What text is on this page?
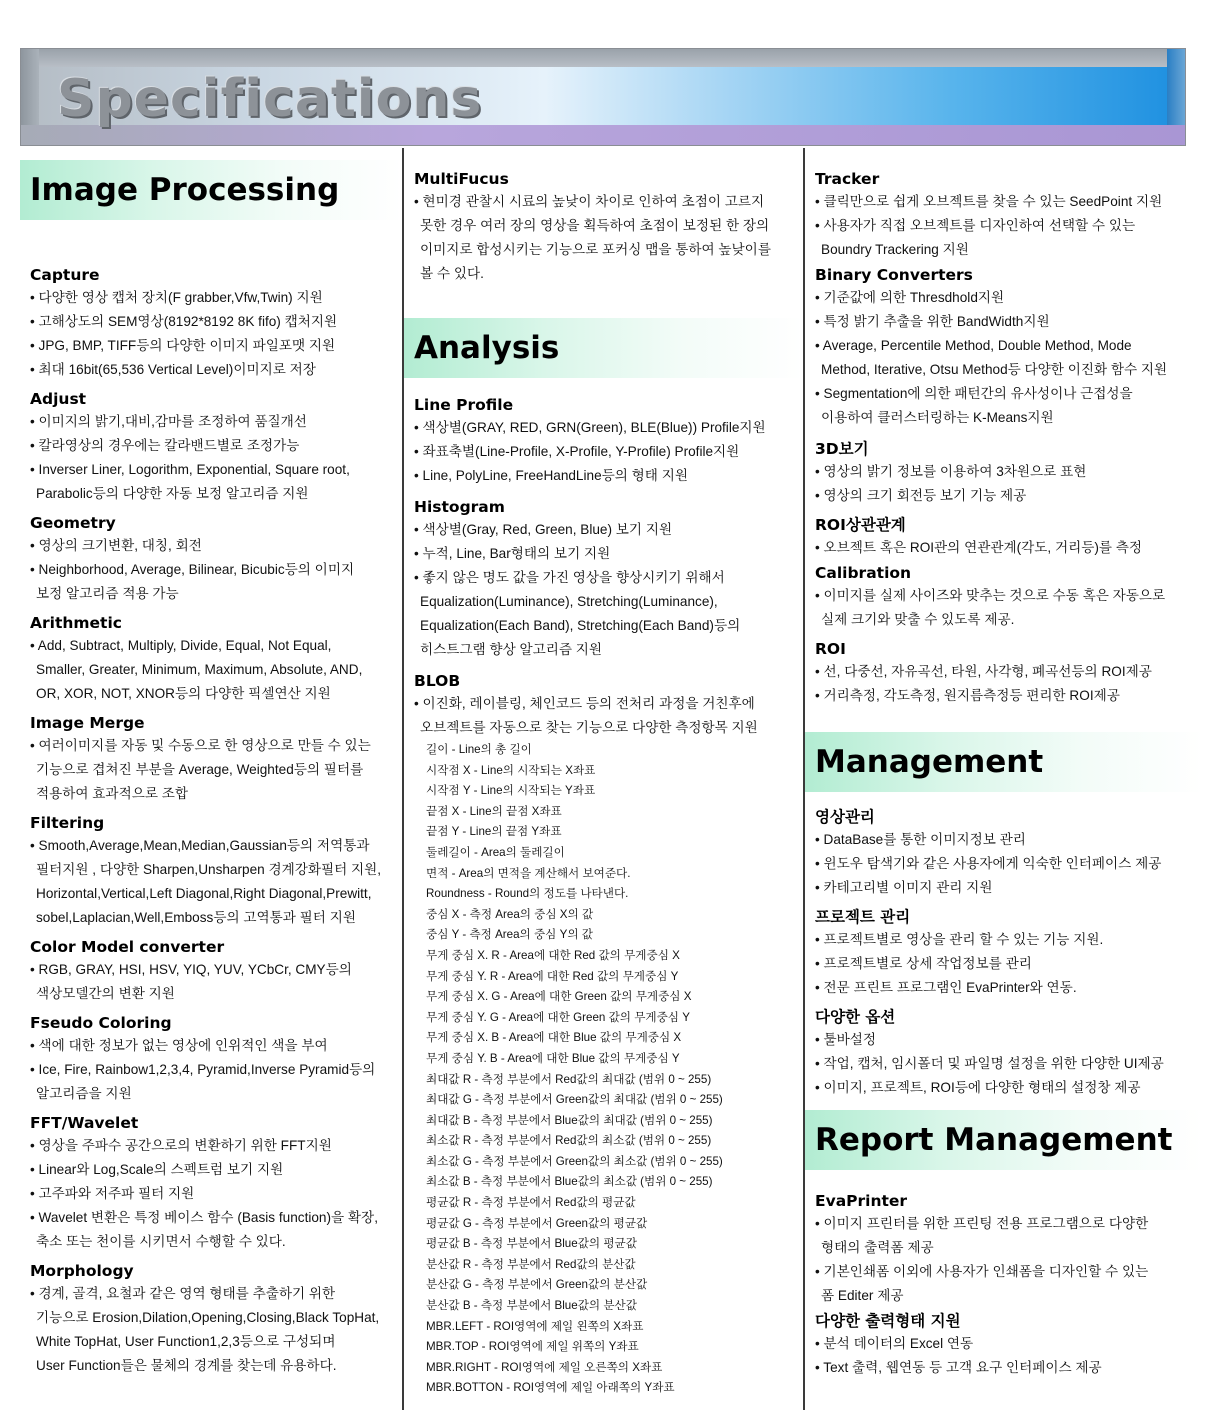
Specifications
Image Processing
Capture
• 다양한 영상 캡처 장치(F grabber,Vfw,Twin) 지원
• 고해상도의 SEM영상(8192*8192 8K fifo) 캡처지원
• JPG, BMP, TIFF등의 다양한 이미지 파일포맷 지원
• 최대 16bit(65,536 Vertical Level)이미지로 저장
Adjust
• 이미지의 밝기,대비,감마를 조정하여 품질개선
• 칼라영상의 경우에는 칼라밴드별로 조정가능
• Inverser Liner, Logorithm, Exponential, Square root,
Parabolic등의 다양한 자동 보정 알고리즘 지원
Geometry
• 영상의 크기변환, 대칭, 회전
• Neighborhood, Average, Bilinear, Bicubic등의 이미지
보정 알고리즘 적용 가능
Arithmetic
• Add, Subtract, Multiply, Divide, Equal, Not Equal,
Smaller, Greater, Minimum, Maximum, Absolute, AND,
OR, XOR, NOT, XNOR등의 다양한 픽셀연산 지원
Image Merge
• 여러이미지를 자동 및 수동으로 한 영상으로 만들 수 있는
기능으로 겹쳐진 부분을 Average, Weighted등의 필터를
적용하여 효과적으로 조합
Filtering
• Smooth,Average,Mean,Median,Gaussian등의 저역통과
필터지원 , 다양한 Sharpen,Unsharpen 경계강화필터 지원,
Horizontal,Vertical,Left Diagonal,Right Diagonal,Prewitt,
sobel,Laplacian,Well,Emboss등의 고역통과 필터 지원
Color Model converter
• RGB, GRAY, HSI, HSV, YIQ, YUV, YCbCr, CMY등의
색상모델간의 변환 지원
Fseudo Coloring
• 색에 대한 정보가 없는 영상에 인위적인 색을 부여
• Ice, Fire, Rainbow1,2,3,4, Pyramid,Inverse Pyramid등의
알고리즘을 지원
FFT/Wavelet
• 영상을 주파수 공간으로의 변환하기 위한 FFT지원
• Linear와 Log,Scale의 스펙트럼 보기 지원
• 고주파와 저주파 필터 지원
• Wavelet 변환은 특정 베이스 함수 (Basis function)을 확장,
축소 또는 천이를 시키면서 수행할 수 있다.
Morphology
• 경계, 골격, 요철과 같은 영역 형태를 추출하기 위한
기능으로 Erosion,Dilation,Opening,Closing,Black TopHat,
White TopHat, User Function1,2,3등으로 구성되며
User Function들은 물체의 경계를 찾는데 유용하다.
MultiFucus
• 현미경 관찰시 시료의 높낮이 차이로 인하여 초점이 고르지
못한 경우 여러 장의 영상을 획득하여 초점이 보정된 한 장의
이미지로 합성시키는 기능으로 포커싱 맵을 통하여 높낮이를
볼 수 있다.
Analysis
Line Profile
• 색상별(GRAY, RED, GRN(Green), BLE(Blue)) Profile지원
• 좌표축별(Line-Profile, X-Profile, Y-Profile) Profile지원
• Line, PolyLine, FreeHandLine등의 형태 지원
Histogram
• 색상별(Gray, Red, Green, Blue) 보기 지원
• 누적, Line, Bar형태의 보기 지원
• 좋지 않은 명도 값을 가진 영상을 향상시키기 위해서
Equalization(Luminance), Stretching(Luminance),
Equalization(Each Band), Stretching(Each Band)등의
히스트그램 향상 알고리즘 지원
BLOB
• 이진화, 레이블링, 체인코드 등의 전처리 과정을 거친후에
오브젝트를 자동으로 찾는 기능으로 다양한 측정항목 지원
길이 - Line의 총 길이
시작점 X - Line의 시작되는 X좌표
시작점 Y - Line의 시작되는 Y좌표
끝점 X - Line의 끝점 X좌표
끝점 Y - Line의 끝점 Y좌표
둘레길이 - Area의 둘레길이
면적 - Area의 면적을 계산해서 보여준다.
Roundness - Round의 정도를 나타낸다.
중심 X - 측정 Area의 중심 X의 값
중심 Y - 측정 Area의 중심 Y의 값
무게 중심 X. R - Area에 대한 Red 값의 무게중심 X
무게 중심 Y. R - Area에 대한 Red 값의 무게중심 Y
무게 중심 X. G - Area에 대한 Green 값의 무게중심 X
무게 중심 Y. G - Area에 대한 Green 값의 무게중심 Y
무게 중심 X. B - Area에 대한 Blue 값의 무게중심 X
무게 중심 Y. B - Area에 대한 Blue 값의 무게중심 Y
최대값 R - 측정 부분에서 Red값의 최대값 (범위 0 ~ 255)
최대값 G - 측정 부분에서 Green값의 최대값 (범위 0 ~ 255)
최대값 B - 측정 부분에서 Blue값의 최대값 (범위 0 ~ 255)
최소값 R - 측정 부분에서 Red값의 최소값 (범위 0 ~ 255)
최소값 G - 측정 부분에서 Green값의 최소값 (범위 0 ~ 255)
최소값 B - 측정 부분에서 Blue값의 최소값 (범위 0 ~ 255)
평균값 R - 측정 부분에서 Red값의 평균값
평균값 G - 측정 부분에서 Green값의 평균값
평균값 B - 측정 부분에서 Blue값의 평균값
분산값 R - 측정 부분에서 Red값의 분산값
분산값 G - 측정 부분에서 Green값의 분산값
분산값 B - 측정 부분에서 Blue값의 분산값
MBR.LEFT - ROI영역에 제일 왼쪽의 X좌표
MBR.TOP - ROI영역에 제일 위쪽의 Y좌표
MBR.RIGHT - ROI영역에 제일 오른쪽의 X좌표
MBR.BOTTON - ROI영역에 제일 아래쪽의 Y좌표
Tracker
• 클릭만으로 쉽게 오브젝트를 찾을 수 있는 SeedPoint 지원
• 사용자가 직접 오브젝트를 디자인하여 선택할 수 있는
Boundry Trackering 지원
Binary Converters
• 기준값에 의한 Thresdhold지원
• 특정 밝기 추출을 위한 BandWidth지원
• Average, Percentile Method, Double Method, Mode
Method, Iterative, Otsu Method등 다양한 이진화 함수 지원
• Segmentation에 의한 패턴간의 유사성이나 근접성을
이용하여 클러스터링하는 K-Means지원
3D보기
• 영상의 밝기 정보를 이용하여 3차원으로 표현
• 영상의 크기 회전등 보기 기능 제공
ROI상관관계
• 오브젝트 혹은 ROI관의 연관관계(각도, 거리등)를 측정
Calibration
• 이미지를 실제 사이즈와 맞추는 것으로 수동 혹은 자동으로
실제 크기와 맞출 수 있도록 제공.
ROI
• 선, 다중선, 자유곡선, 타원, 사각형, 폐곡선등의 ROI제공
• 거리측정, 각도측정, 원지름측정등 편리한 ROI제공
Management
영상관리
• DataBase를 통한 이미지정보 관리
• 윈도우 탐색기와 같은 사용자에게 익숙한 인터페이스 제공
• 카테고리별 이미지 관리 지원
프로젝트 관리
• 프로젝트별로 영상을 관리 할 수 있는 기능 지원.
• 프로젝트별로 상세 작업정보를 관리
• 전문 프린트 프로그램인 EvaPrinter와 연동.
다양한 옵션
• 툴바설정
• 작업, 캡처, 임시폴더 및 파일명 설정을 위한 다양한 UI제공
• 이미지, 프로젝트, ROI등에 다양한 형태의 설정창 제공
Report Management
EvaPrinter
• 이미지 프린터를 위한 프린팅 전용 프로그램으로 다양한
형태의 출력폼 제공
• 기본인쇄폼 이외에 사용자가 인쇄폼을 디자인할 수 있는
폼 Editer 제공
다양한 출력형태 지원
• 분석 데이터의 Excel 연동
• Text 출력, 웹연동 등 고객 요구 인터페이스 제공
